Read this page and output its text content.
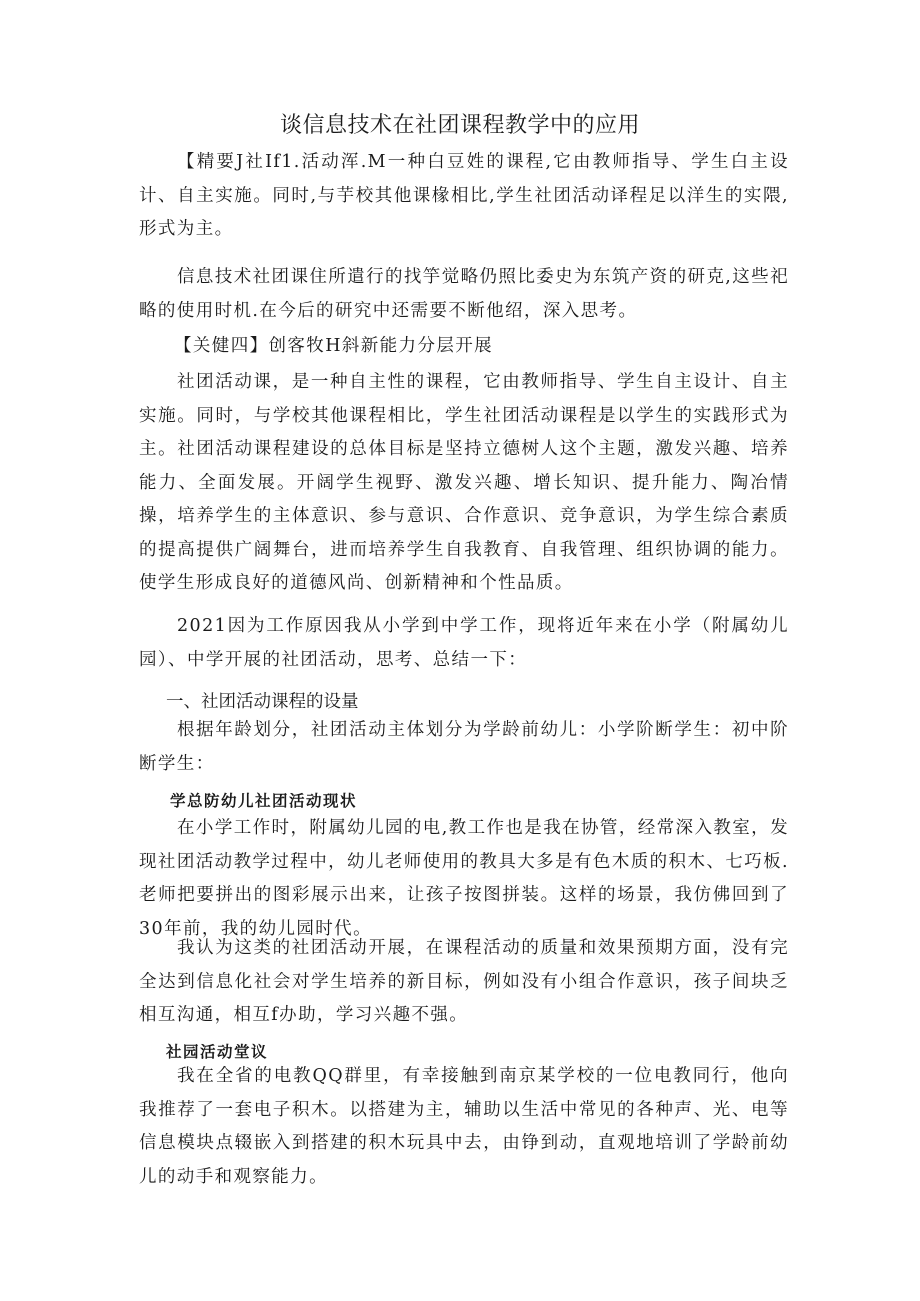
谈信息技术在社团课程教学中的应用

【精要J社If1.活动浑.M一种白豆姓的课程,它由教师指导、学生白主设计、自主实施。同时,与芋校其他课椽相比,学生社团活动译程足以洋生的实隈,形式为主。

信息技术社团课住所遣行的找竽觉略仍照比委史为东筑产资的研克,这些祀略的使用时机.在今后的研究中还需要不断他绍，深入思考。

【关健四】创客牧H斜新能力分层开展

社团活动课，是一种自主性的课程，它由教师指导、学生自主设计、自主实施。同时，与学校其他课程相比，学生社团活动课程是以学生的实践形式为主。社团活动课程建设的总体目标是坚持立德树人这个主题，激发兴趣、培养能力、全面发展。开阔学生视野、激发兴趣、增长知识、提升能力、陶冶情操，培养学生的主体意识、参与意识、合作意识、竞争意识，为学生综合素质的提高提供广阔舞台，进而培养学生自我教育、自我管理、组织协调的能力。使学生形成良好的道德风尚、创新精神和个性品质。

2021因为工作原因我从小学到中学工作，现将近年来在小学（附属幼儿园）、中学开展的社团活动，思考、总结一下：

一、社团活动课程的设量

根据年龄划分，社团活动主体划分为学龄前幼儿：小学阶断学生：初中阶断学生：

学总防幼儿社团活动现状

在小学工作时，附属幼儿园的电,教工作也是我在协管，经常深入教室，发现社团活动教学过程中，幼儿老师使用的教具大多是有色木质的积木、七巧板.老师把要拼出的图彩展示出来，让孩子按图拼装。这样的场景，我仿佛回到了30年前，我的幼儿园时代。

我认为这类的社团活动开展，在课程活动的质量和效果预期方面，没有完全达到信息化社会对学生培养的新目标，例如没有小组合作意识，孩子间块乏相互沟通，相互f办助，学习兴趣不强。

社园活动堂议

我在全省的电教QQ群里，有幸接触到南京某学校的一位电教同行，他向我推荐了一套电子积木。以搭建为主，辅助以生活中常见的各种声、光、电等信息模块点辍嵌入到搭建的积木玩具中去，由铮到动，直观地培训了学龄前幼儿的动手和观察能力。
